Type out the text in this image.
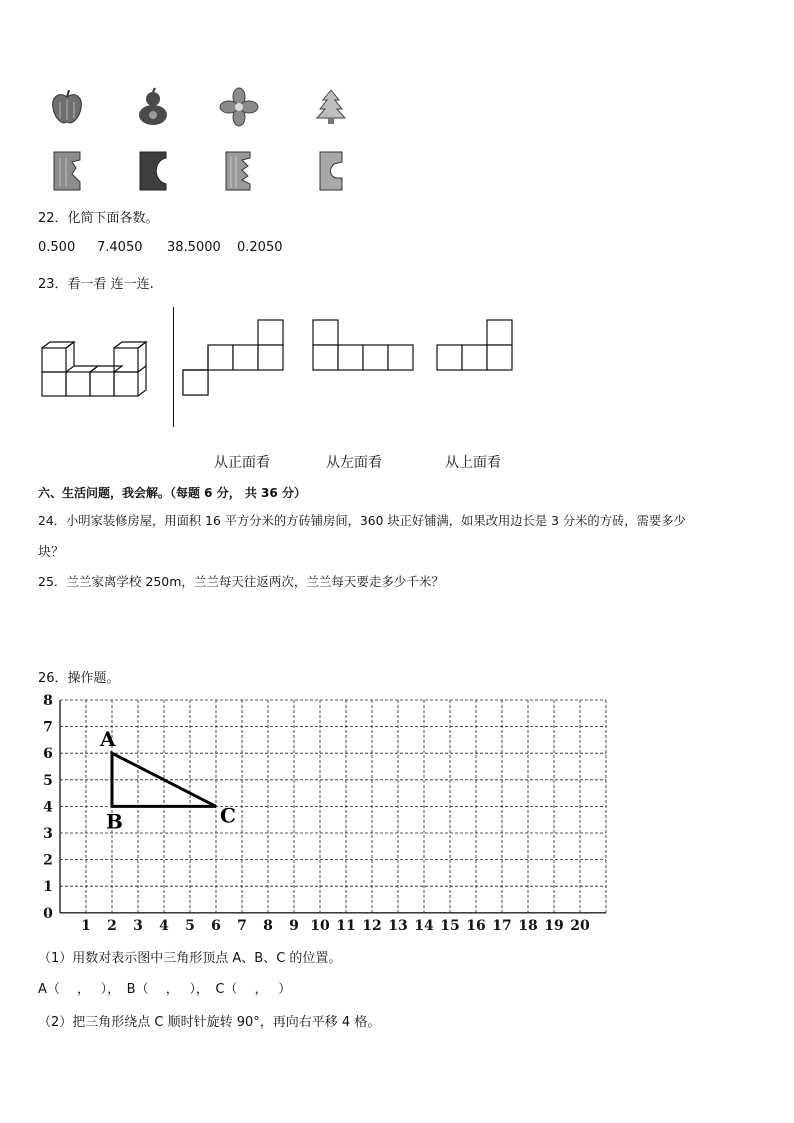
22．化简下面各数。
0.500 7.4050 38.5000 0.2050
23．看一看 连一连.
从正面看	从左面看	从上面看
六、生活问题，我会解。（每题 6 分， 共 36 分）
24．小明家装修房屋，用面积 16 平方分米的方砖铺房间，360 块正好铺满，如果改用边长是 3 分米的方砖，需要多少
块？
25．兰兰家离学校 250m，兰兰每天往返两次，兰兰每天要走多少千米？
26．操作题。
1 2 3 4 5 6 7 8 9 10 11 12 13 14 15 16 17 18 19 20
0
1
2
3
4
5
6
7
8
A
B	C
（1）用数对表示图中三角形顶点 A、B、C 的位置。
A（　 ，　 ），　B（　 ，　 ），　C（　 ，　 ）
（2）把三角形绕点 C 顺时针旋转 90°，再向右平移 4 格。
